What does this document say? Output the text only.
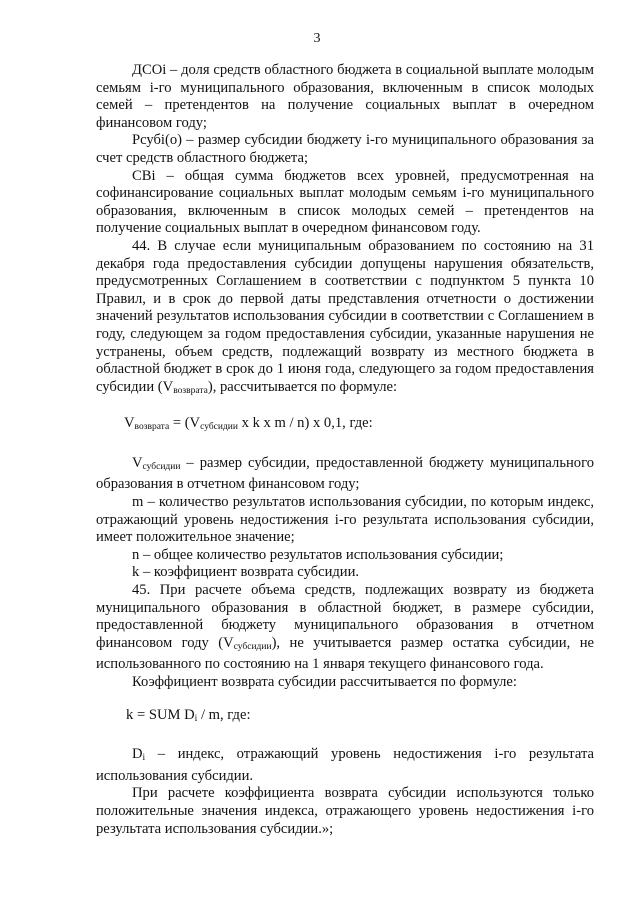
3

ДСОi – доля средств областного бюджета в социальной выплате молодым семьям i-го муниципального образования, включенным в список молодых семей – претендентов на получение социальных выплат в очередном финансовом году;

Рсубi(о) – размер субсидии бюджету i-го муниципального образования за счет средств областного бюджета;

СВi – общая сумма бюджетов всех уровней, предусмотренная на софинансирование социальных выплат молодым семьям i-го муниципального образования, включенным в список молодых семей – претендентов на получение социальных выплат в очередном финансовом году.

44. В случае если муниципальным образованием по состоянию на 31 декабря года предоставления субсидии допущены нарушения обязательств, предусмотренных Соглашением в соответствии с подпунктом 5 пункта 10 Правил, и в срок до первой даты представления отчетности о достижении значений результатов использования субсидии в соответствии с Соглашением в году, следующем за годом предоставления субсидии, указанные нарушения не устранены, объем средств, подлежащий возврату из местного бюджета в областной бюджет в срок до 1 июня года, следующего за годом предоставления субсидии $(V_{возврата})$, рассчитывается по формуле:

$V_{возврата} = (V_{субсидии}$ x k x m / n) x 0,1, где:

$V_{субсидии}$ – размер субсидии, предоставленной бюджету муниципального образования в отчетном финансовом году;

m – количество результатов использования субсидии, по которым индекс, отражающий уровень недостижения i-го результата использования субсидии, имеет положительное значение;

n – общее количество результатов использования субсидии;

k – коэффициент возврата субсидии.

45. При расчете объема средств, подлежащих возврату из бюджета муниципального образования в областной бюджет, в размере субсидии, предоставленной бюджету муниципального образования в отчетном финансовом году $(V_{субсидии})$, не учитывается размер остатка субсидии, не использованного по состоянию на 1 января текущего финансового года.

Коэффициент возврата субсидии рассчитывается по формуле:

k = SUM $D_i$ / m, где:

$D_i$ – индекс, отражающий уровень недостижения i-го результата использования субсидии.

При расчете коэффициента возврата субсидии используются только положительные значения индекса, отражающего уровень недостижения i-го результата использования субсидии.»;
